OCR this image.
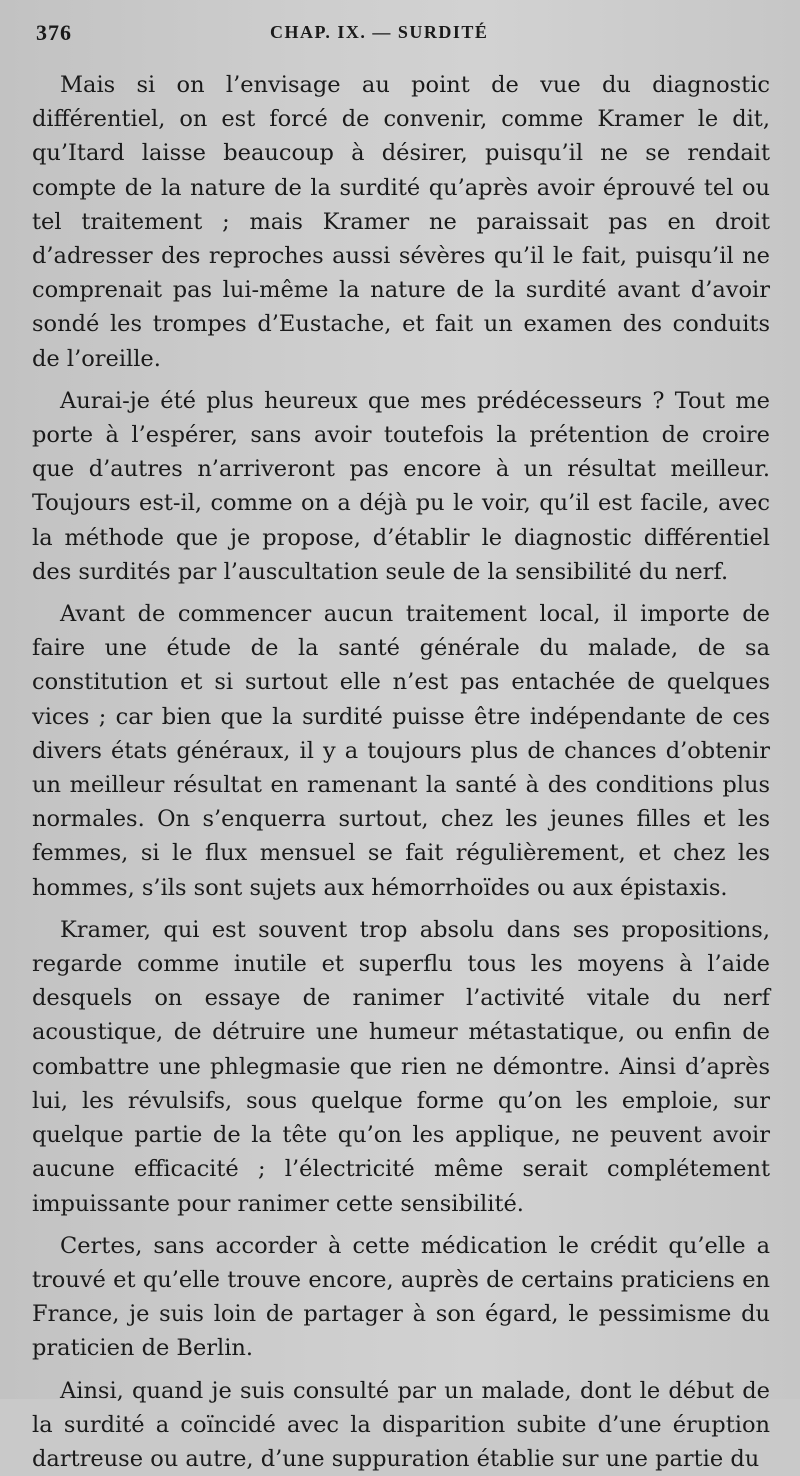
376	CHAP. IX. — SURDITÉ

Mais si on l’envisage au point de vue du diagnostic différentiel, on est forcé de convenir, comme Kramer le dit, qu’Itard laisse beaucoup à désirer, puisqu’il ne se rendait compte de la nature de la surdité qu’après avoir éprouvé tel ou tel traitement ; mais Kramer ne paraissait pas en droit d’adresser des reproches aussi sévères qu’il le fait, puisqu’il ne comprenait pas lui-même la nature de la surdité avant d’avoir sondé les trompes d’Eustache, et fait un examen des conduits de l’oreille.

Aurai-je été plus heureux que mes prédécesseurs ? Tout me porte à l’espérer, sans avoir toutefois la prétention de croire que d’autres n’arriveront pas encore à un résultat meilleur. Toujours est-il, comme on a déjà pu le voir, qu’il est facile, avec la méthode que je propose, d’établir le diagnostic différentiel des surdités par l’auscultation seule de la sensibilité du nerf.

Avant de commencer aucun traitement local, il importe de faire une étude de la santé générale du malade, de sa constitution et si surtout elle n’est pas entachée de quelques vices ; car bien que la surdité puisse être indépendante de ces divers états généraux, il y a toujours plus de chances d’obtenir un meilleur résultat en ramenant la santé à des conditions plus normales. On s’enquerra surtout, chez les jeunes filles et les femmes, si le flux mensuel se fait régulièrement, et chez les hommes, s’ils sont sujets aux hémorrhoïdes ou aux épistaxis.

Kramer, qui est souvent trop absolu dans ses propositions, regarde comme inutile et superflu tous les moyens à l’aide desquels on essaye de ranimer l’activité vitale du nerf acoustique, de détruire une humeur métastatique, ou enfin de combattre une phlegmasie que rien ne démontre. Ainsi d’après lui, les révulsifs, sous quelque forme qu’on les emploie, sur quelque partie de la tête qu’on les applique, ne peuvent avoir aucune efficacité ; l’électricité même serait complétement impuissante pour ranimer cette sensibilité.

Certes, sans accorder à cette médication le crédit qu’elle a trouvé et qu’elle trouve encore, auprès de certains praticiens en France, je suis loin de partager à son égard, le pessimisme du praticien de Berlin.

Ainsi, quand je suis consulté par un malade, dont le début de la surdité a coïncidé avec la disparition subite d’une éruption dartreuse ou autre, d’une suppuration établie sur une partie du
